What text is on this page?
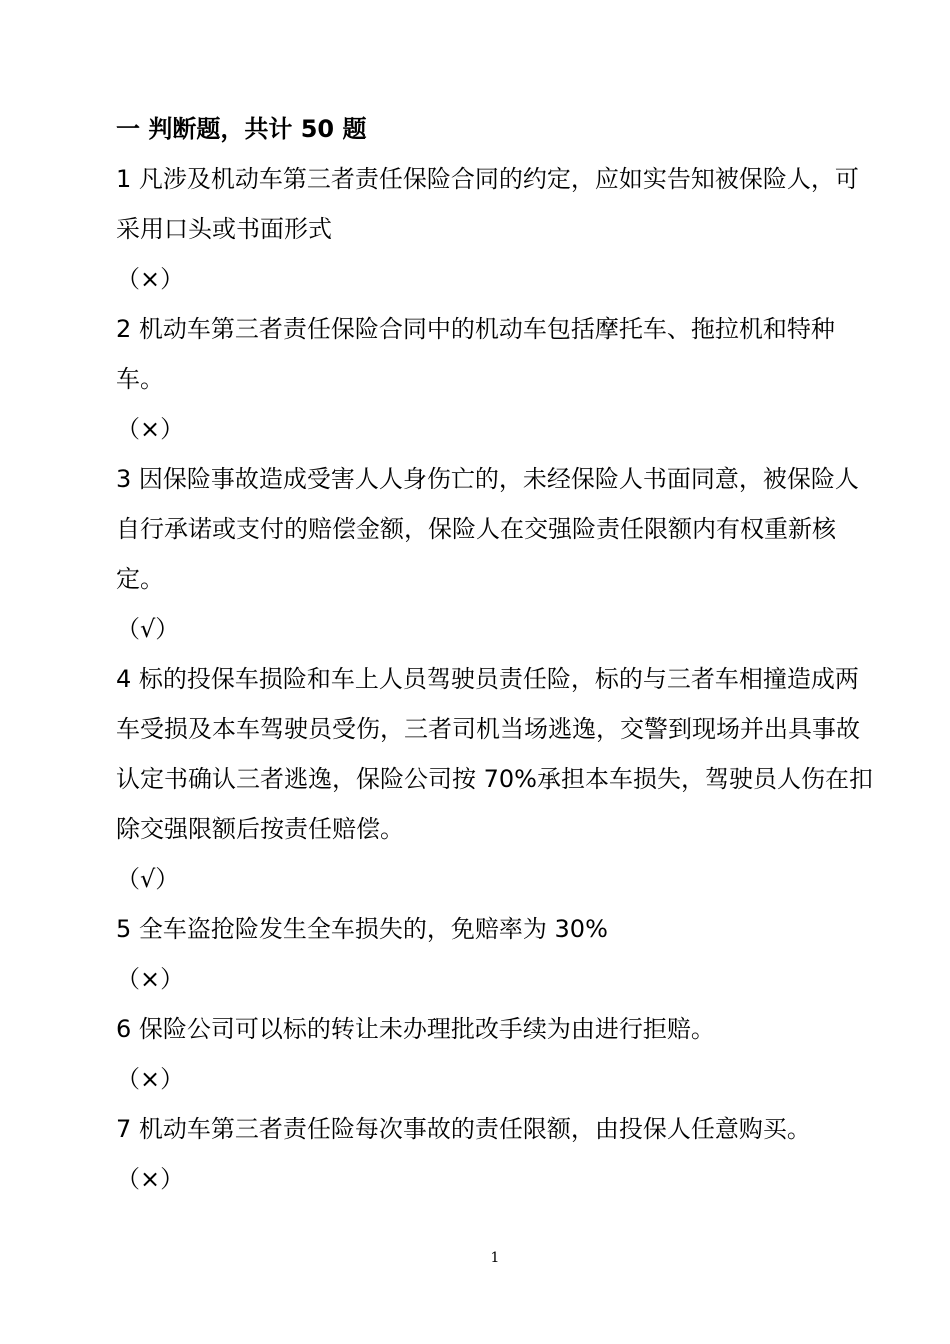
一 判断题，共计 50 题
1 凡涉及机动车第三者责任保险合同的约定，应如实告知被保险人，可采用口头或书面形式
（×）
2 机动车第三者责任保险合同中的机动车包括摩托车、拖拉机和特种车。
（×）
3 因保险事故造成受害人人身伤亡的，未经保险人书面同意，被保险人自行承诺或支付的赔偿金额，保险人在交强险责任限额内有权重新核定。
（√）
4 标的投保车损险和车上人员驾驶员责任险，标的与三者车相撞造成两车受损及本车驾驶员受伤，三者司机当场逃逸，交警到现场并出具事故认定书确认三者逃逸，保险公司按 70%承担本车损失，驾驶员人伤在扣除交强限额后按责任赔偿。
（√）
5 全车盗抢险发生全车损失的，免赔率为 30%
（×）
6 保险公司可以标的转让未办理批改手续为由进行拒赔。
（×）
7 机动车第三者责任险每次事故的责任限额，由投保人任意购买。
（×）
1
